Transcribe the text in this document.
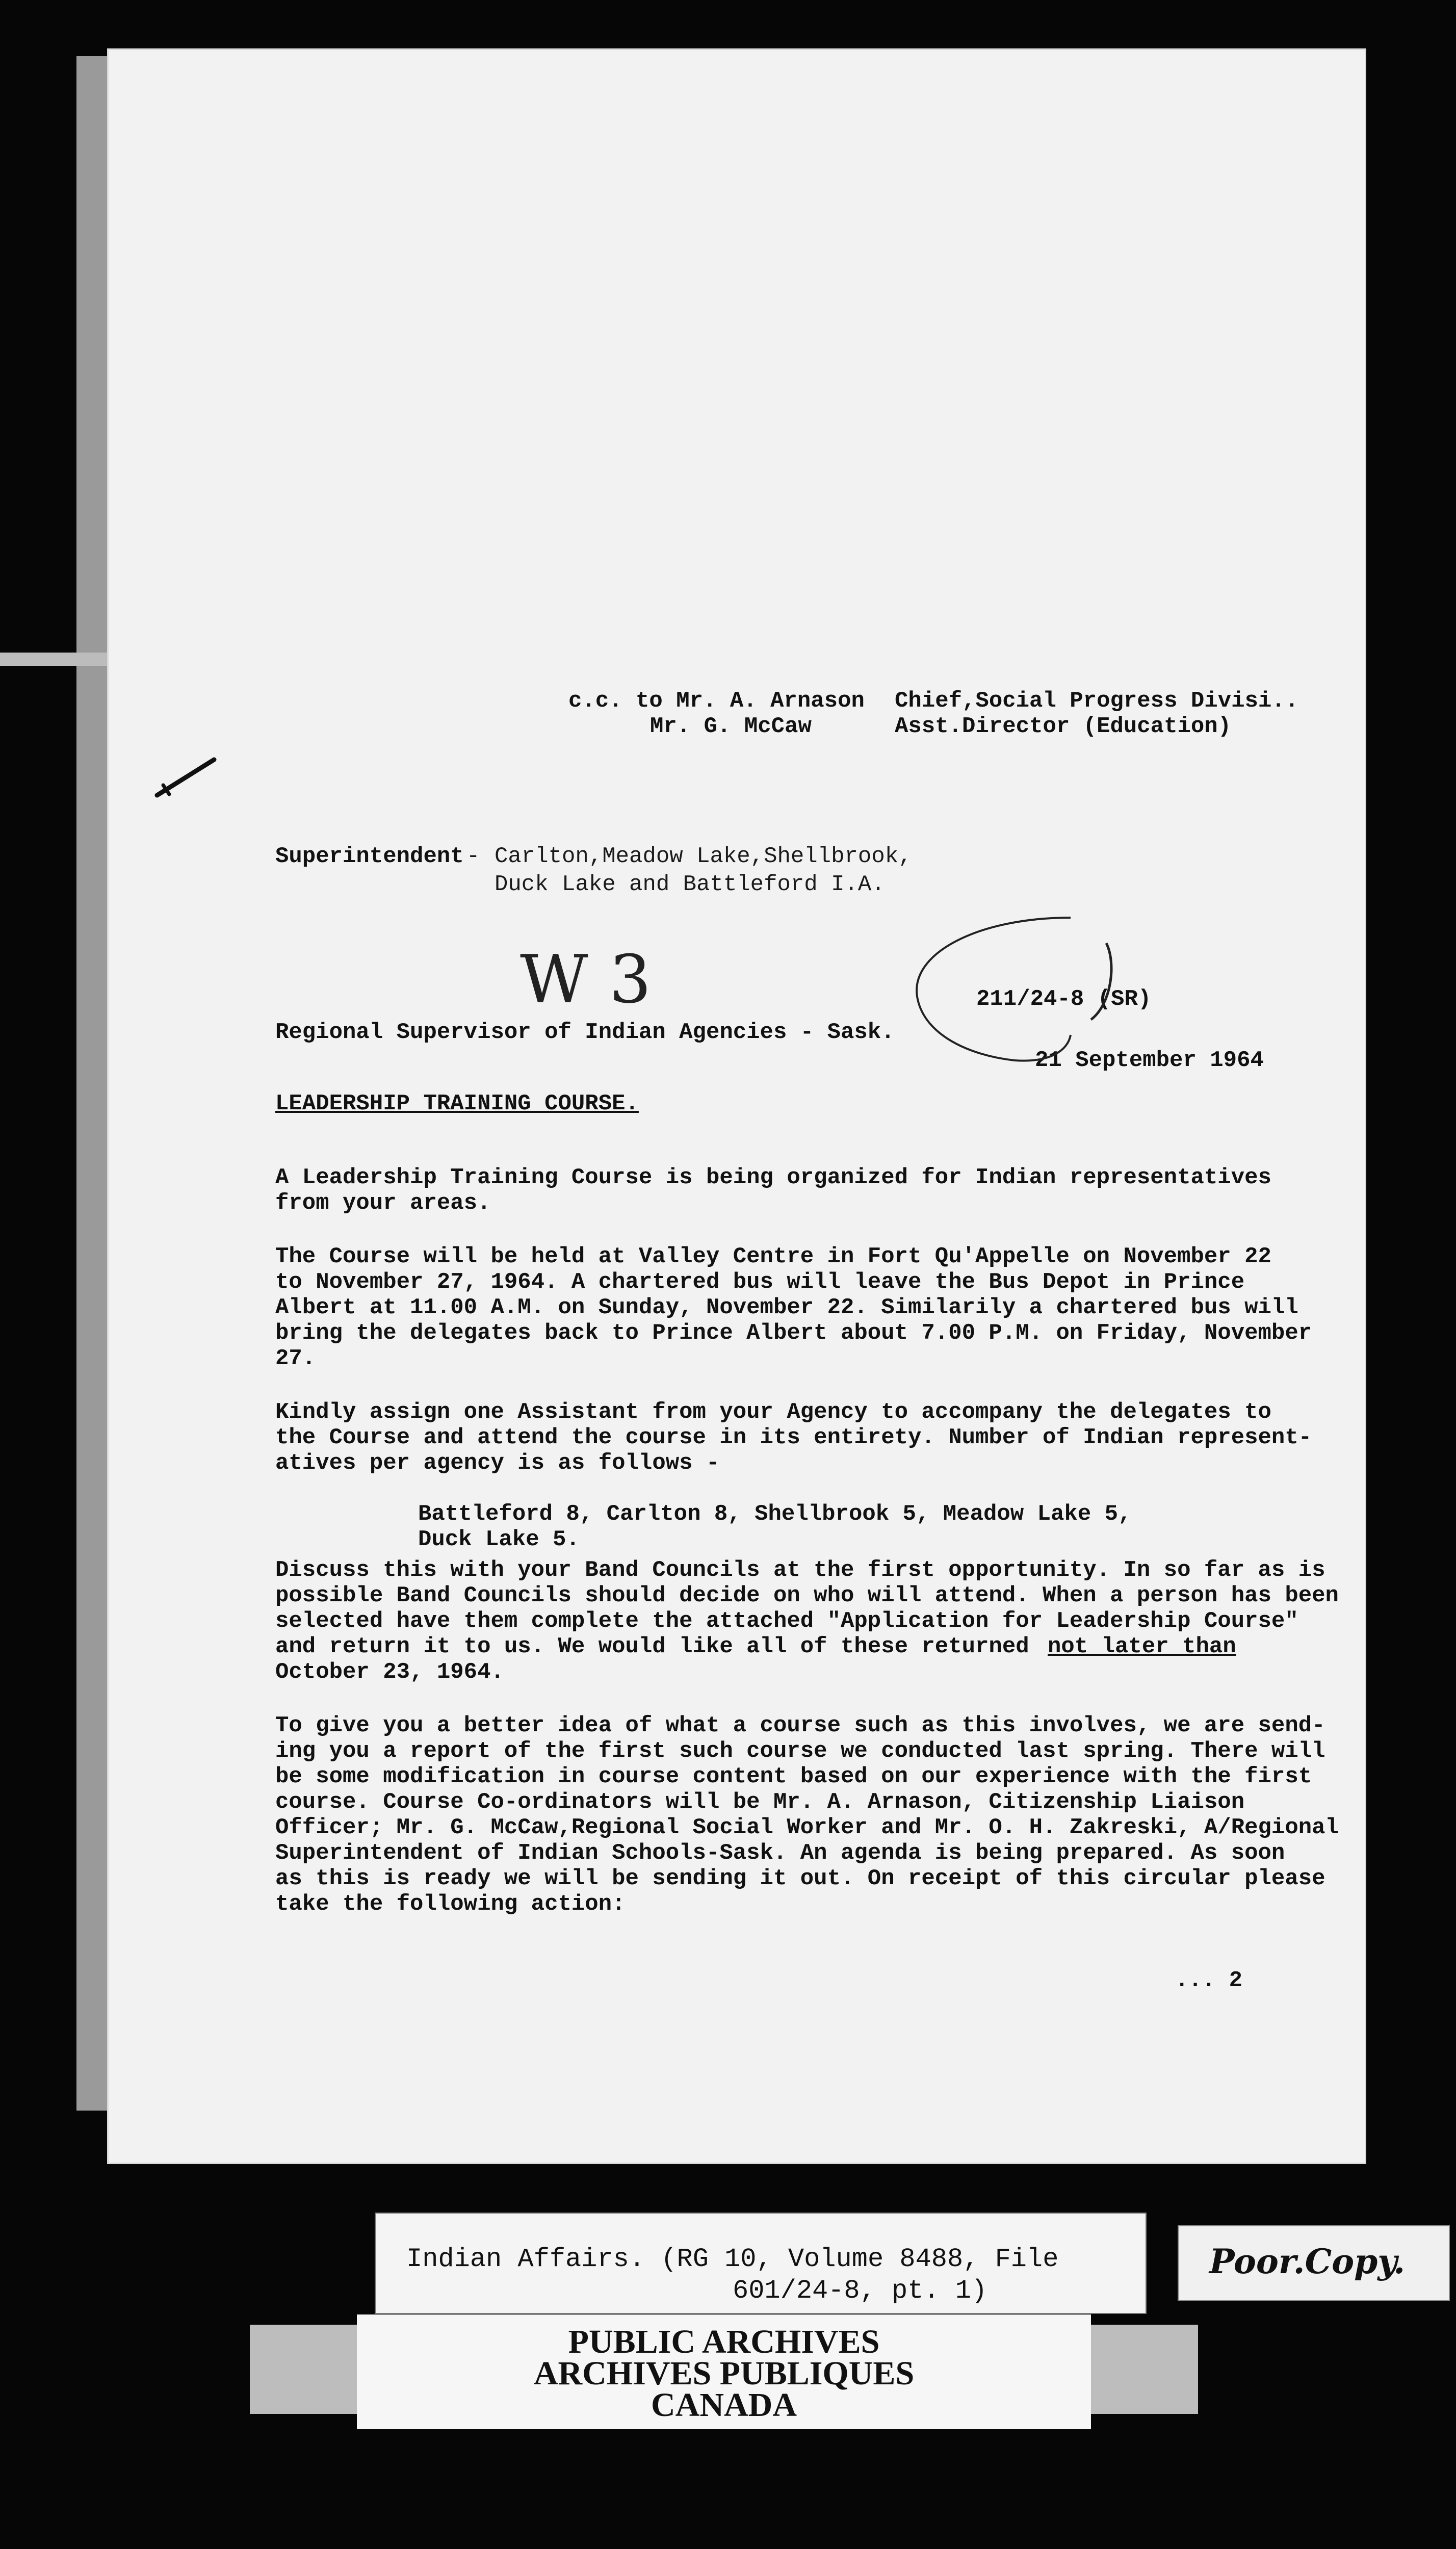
c.c. to Mr. A. Arnason Chief,Social Progress Divisi..
Mr. G. McCaw	Asst.Director (Education)
Superintendent - Carlton,Meadow Lake,Shellbrook,
Duck Lake and Battleford I.A.
W 3	211/24-8 (SR)
Regional Supervisor of Indian Agencies - Sask.
21 September 1964
LEADERSHIP TRAINING COURSE.
A Leadership Training Course is being organized for Indian representatives
from your areas.
The Course will be held at Valley Centre in Fort Qu'Appelle on November 22
to November 27, 1964. A chartered bus will leave the Bus Depot in Prince
Albert at 11.00 A.M. on Sunday, November 22. Similarily a chartered bus will
bring the delegates back to Prince Albert about 7.00 P.M. on Friday, November
27.
Kindly assign one Assistant from your Agency to accompany the delegates to
the Course and attend the course in its entirety. Number of Indian represent-
atives per agency is as follows -
Battleford 8, Carlton 8, Shellbrook 5, Meadow Lake 5,
Duck Lake 5.
Discuss this with your Band Councils at the first opportunity. In so far as is
possible Band Councils should decide on who will attend. When a person has been
selected have them complete the attached "Application for Leadership Course"
and return it to us. We would like all of these returned not later than
October 23, 1964.
To give you a better idea of what a course such as this involves, we are send-
ing you a report of the first such course we conducted last spring. There will
be some modification in course content based on our experience with the first
course. Course Co-ordinators will be Mr. A. Arnason, Citizenship Liaison
Officer; Mr. G. McCaw,Regional Social Worker and Mr. O. H. Zakreski, A/Regional
Superintendent of Indian Schools-Sask. An agenda is being prepared. As soon
as this is ready we will be sending it out. On receipt of this circular please
take the following action:
... 2
Indian Affairs. (RG 10, Volume 8488, File
601/24-8, pt. 1)
Poor.Copy.
PUBLIC ARCHIVES
ARCHIVES PUBLIQUES
CANADA
